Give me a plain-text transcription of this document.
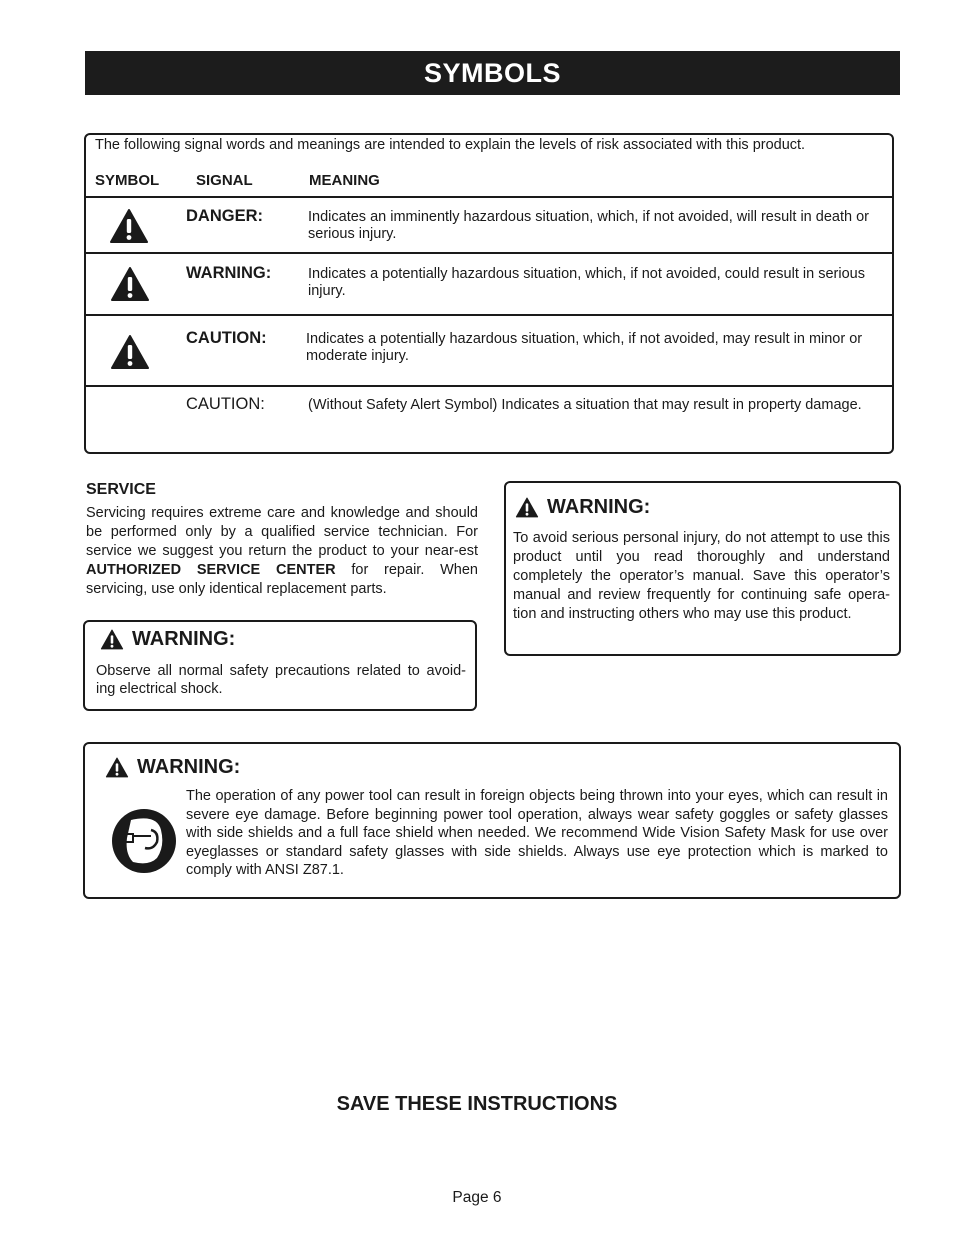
SYMBOLS
The following signal words and meanings are intended to explain the levels of risk associated with this product.
SYMBOL SIGNAL	MEANING
DANGER:	Indicates an imminently hazardous situation, which, if not avoided, will result in death or serious injury.
WARNING:	Indicates a potentially hazardous situation, which, if not avoided, could result in serious injury.
CAUTION:	Indicates a potentially hazardous situation, which, if not avoided, may result in minor or moderate injury.
CAUTION:	(Without Safety Alert Symbol) Indicates a situation that may result in property damage.
SERVICE
Servicing requires extreme care and knowledge and should be performed only by a qualified service technician. For service we suggest you return the product to your near-est AUTHORIZED SERVICE CENTER for repair. When servicing, use only identical replacement parts.
WARNING:
Observe all normal safety precautions related to avoid-ing electrical shock.
WARNING:
To avoid serious personal injury, do not attempt to use this product until you read thoroughly and understand completely the operator’s manual. Save this operator’s manual and review frequently for continuing safe opera-tion and instructing others who may use this product.
WARNING:
The operation of any power tool can result in foreign objects being thrown into your eyes, which can result in severe eye damage. Before beginning power tool operation, always wear safety goggles or safety glasses with side shields and a full face shield when needed. We recommend Wide Vision Safety Mask for use over eyeglasses or standard safety glasses with side shields. Always use eye protection which is marked to comply with ANSI Z87.1.
SAVE THESE INSTRUCTIONS
Page 6
